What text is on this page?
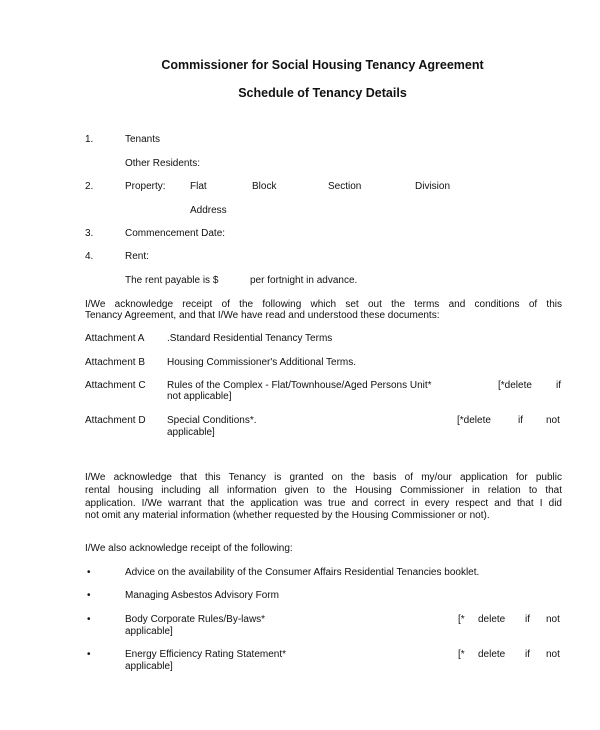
Commissioner for Social Housing Tenancy Agreement
Schedule of Tenancy Details
1.	Tenants
Other Residents:
2.	Property: Flat	Block	Section	Division
Address
3.	Commencement Date:
4.	Rent:
The rent payable is $	per fortnight in advance.
I/We acknowledge receipt of the following which set out the terms and conditions of this
Tenancy Agreement, and that I/We have read and understood these documents:
Attachment A .Standard Residential Tenancy Terms
Attachment B Housing Commissioner's Additional Terms.
Attachment C Rules of the Complex - Flat/Townhouse/Aged Persons Unit*	[*delete if
not applicable]
Attachment D Special Conditions*.	[*delete	if not
applicable]
I/We acknowledge that this Tenancy is granted on the basis of my/our application for public
rental housing including all information given to the Housing Commissioner in relation to that
application. I/We warrant that the application was true and correct in every respect and that I did
not omit any material information (whether requested by the Housing Commissioner or not).
I/We also acknowledge receipt of the following:
•	Advice on the availability of the Consumer Affairs Residential Tenancies booklet.
•	Managing Asbestos Advisory Form
•	Body Corporate Rules/By-laws*	[* delete if not
applicable]
•	Energy Efficiency Rating Statement*	[* delete if not
applicable]
